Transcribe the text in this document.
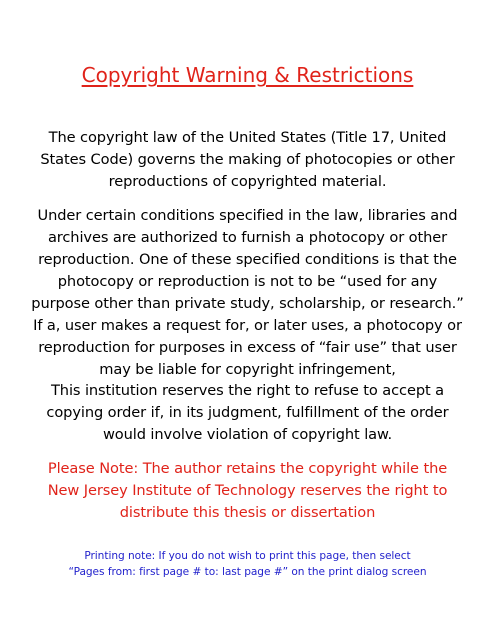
Copyright Warning & Restrictions
The copyright law of the United States (Title 17, United
States Code) governs the making of photocopies or other
reproductions of copyrighted material.
Under certain conditions specified in the law, libraries and
archives are authorized to furnish a photocopy or other
reproduction. One of these specified conditions is that the
photocopy or reproduction is not to be “used for any
purpose other than private study, scholarship, or research.”
If a, user makes a request for, or later uses, a photocopy or
reproduction for purposes in excess of “fair use” that user
may be liable for copyright infringement,
This institution reserves the right to refuse to accept a
copying order if, in its judgment, fulfillment of the order
would involve violation of copyright law.
Please Note: The author retains the copyright while the
New Jersey Institute of Technology reserves the right to
distribute this thesis or dissertation
Printing note: If you do not wish to print this page, then select
“Pages from: first page # to: last page #” on the print dialog screen
